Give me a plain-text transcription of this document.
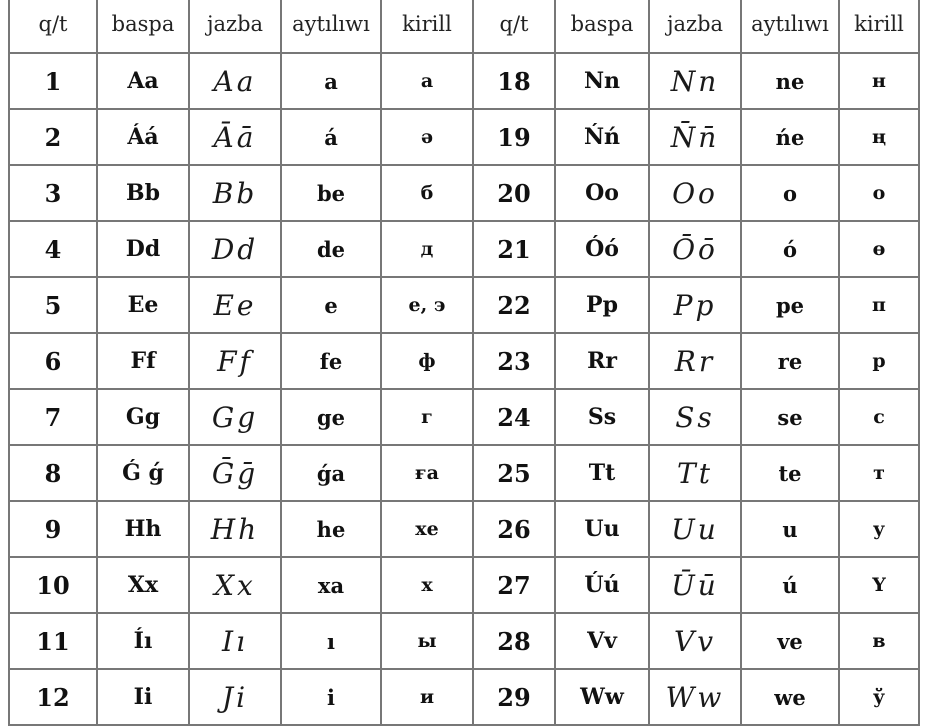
q/t	baspa	jazba	aytılıwı	kirill	q/t	baspa	jazba	aytılıwı	kirill
1	Aa	Aa	a	а	18	Nn	Nn	ne	н
2	Áá	Āā	á	ә	19	Ńń	N̄n̄	ńe	ң
3	Bb	Bb	be	б	20	Oo	Oo	o	о
4	Dd	Dd	de	д	21	Óó	Ōō	ó	ө
5	Ee	Ee	e	е, э	22	Pp	Pp	pe	п
6	Ff	Ff	fe	ф	23	Rr	Rr	re	р
7	Gg	Gg	ge	г	24	Ss	Ss	se	с
8	Ǵ ǵ	Ḡḡ	ǵa	ға	25	Tt	Tt	te	т
9	Hh	Hh	he	хе	26	Uu	Uu	u	у
10	Xx	Xx	xa	х	27	Úú	Ūū	ú	Ү
11	Íı	Iı	ı	ы	28	Vv	Vv	ve	в
12	Ii	Ji	i	и	29	Ww	Ww	we	ў
